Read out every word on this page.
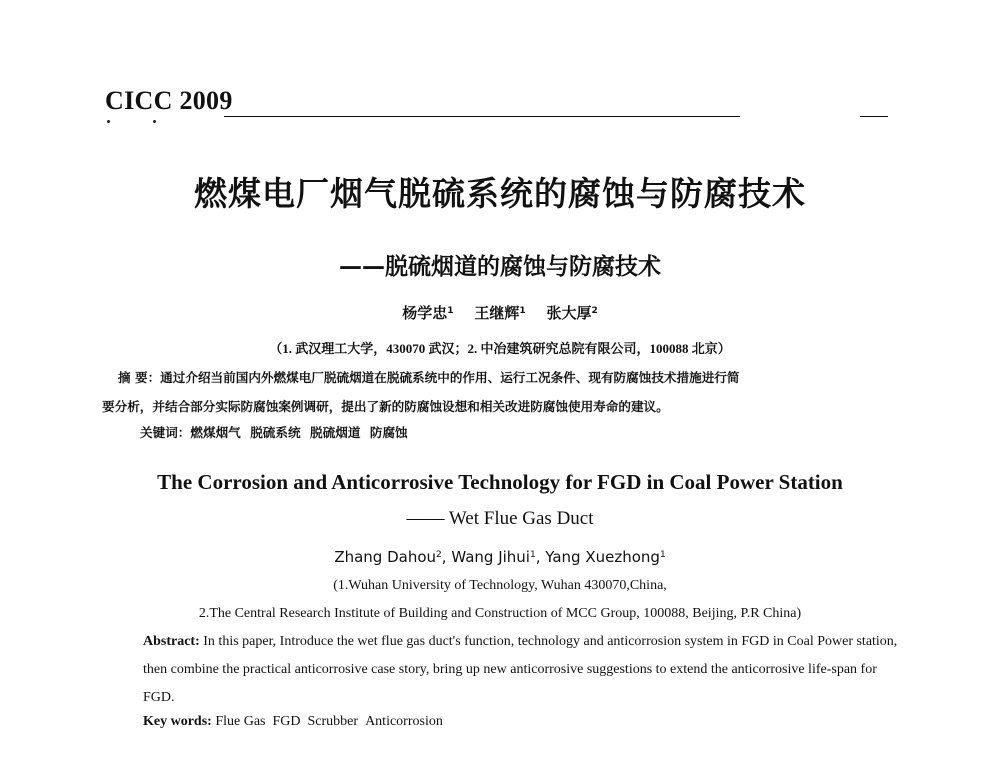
CICC 2009
燃煤电厂烟气脱硫系统的腐蚀与防腐技术
——脱硫烟道的腐蚀与防腐技术
杨学忠$^1$ 王继辉$^1$ 张大厚$^2$
（1. 武汉理工大学，430070 武汉；2. 中冶建筑研究总院有限公司，100088 北京）
摘 要：通过介绍当前国内外燃煤电厂脱硫烟道在脱硫系统中的作用、运行工况条件、现有防腐蚀技术措施进行简
要分析，并结合部分实际防腐蚀案例调研，提出了新的防腐蚀设想和相关改进防腐蚀使用寿命的建议。
关键词：燃煤烟气 脱硫系统 脱硫烟道 防腐蚀
The Corrosion and Anticorrosive Technology for FGD in Coal Power Station
—— Wet Flue Gas Duct
Zhang Dahou$^2$, Wang Jihui$^1$, Yang Xuezhong$^1$
(1.Wuhan University of Technology, Wuhan 430070,China,
2.The Central Research Institute of Building and Construction of MCC Group, 100088, Beijing, P.R China)
Abstract: In this paper, Introduce the wet flue gas duct's function, technology and anticorrosion system in FGD in Coal Power station, then combine the practical anticorrosive case story, bring up new anticorrosive suggestions to extend the anticorrosive life-span for FGD.
Key words: Flue Gas FGD Scrubber Anticorrosion
